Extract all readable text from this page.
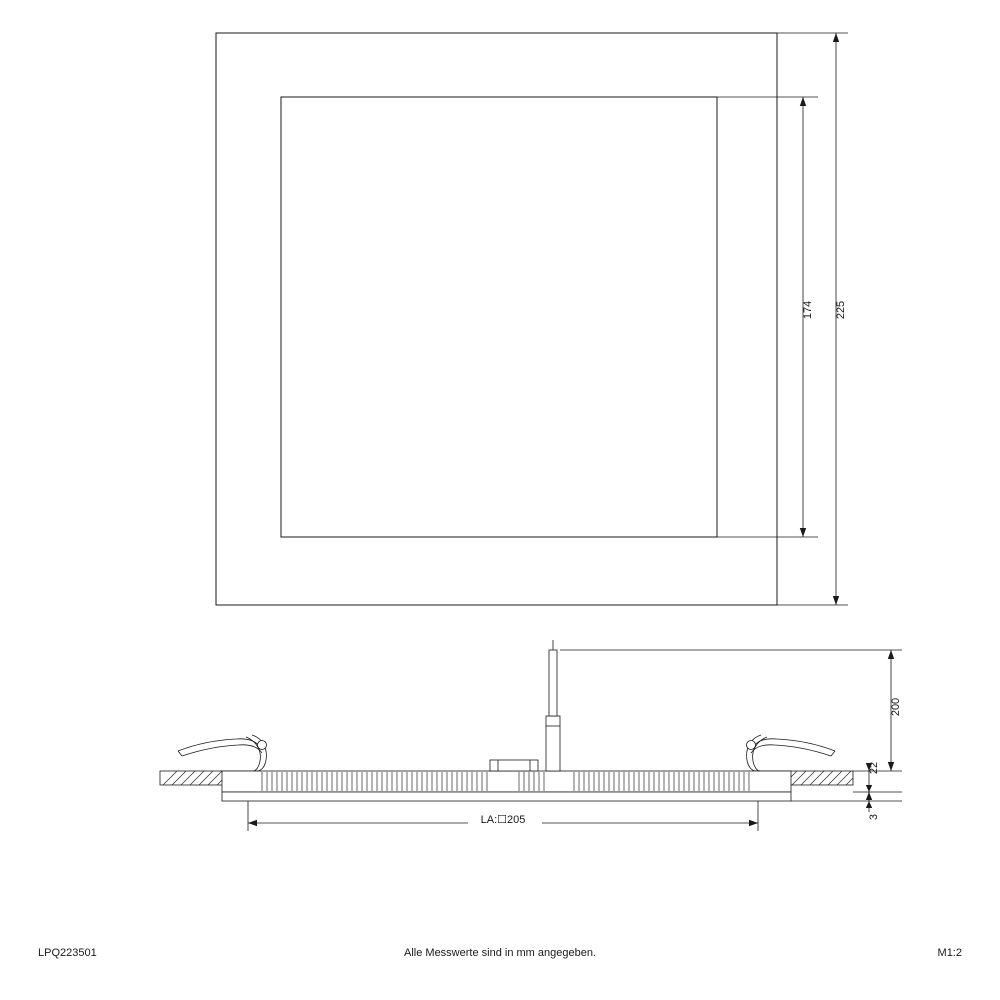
174 225
200
22
3
LA:☐205
LPQ223501	Alle Messwerte sind in mm angegeben.	M1:2
